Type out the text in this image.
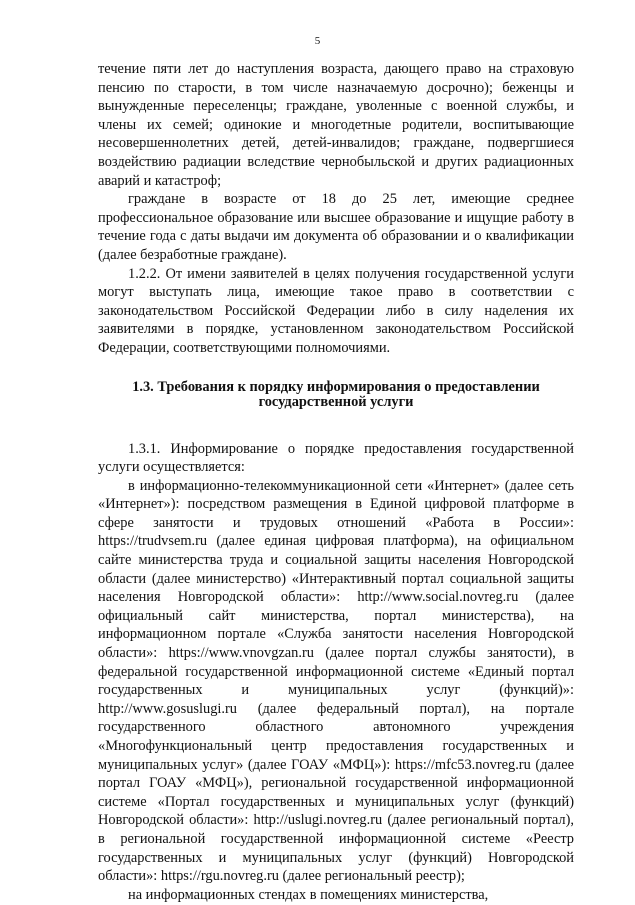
5

течение пяти лет до наступления возраста, дающего право на страховую пенсию по старости, в том числе назначаемую досрочно); беженцы и вынужденные переселенцы; граждане, уволенные с военной службы, и члены их семей; одинокие и многодетные родители, воспитывающие несовершеннолетних детей, детей-инвалидов; граждане, подвергшиеся воздействию радиации вследствие чернобыльской и других радиационных аварий и катастроф;

граждане в возрасте от 18 до 25 лет, имеющие среднее профессиональное образование или высшее образование и ищущие работу в течение года с даты выдачи им документа об образовании и о квалификации (далее безработные граждане).

1.2.2. От имени заявителей в целях получения государственной услуги могут выступать лица, имеющие такое право в соответствии с законодательством Российской Федерации либо в силу наделения их заявителями в порядке, установленном законодательством Российской Федерации, соответствующими полномочиями.

1.3. Требования к порядку информирования о предоставлении
государственной услуги

1.3.1. Информирование о порядке предоставления государственной услуги осуществляется:

в информационно-телекоммуникационной сети «Интернет» (далее сеть «Интернет»): посредством размещения в Единой цифровой платформе в сфере занятости и трудовых отношений «Работа в России»: https://trudvsem.ru (далее единая цифровая платформа), на официальном сайте министерства труда и социальной защиты населения Новгородской области (далее министерство) «Интерактивный портал социальной защиты населения Новгородской области»: http://www.social.novreg.ru (далее официальный сайт министерства, портал министерства), на информационном портале «Служба занятости населения Новгородской области»: https://www.vnovgzan.ru (далее портал службы занятости), в федеральной государственной информационной системе «Единый портал государственных и муниципальных услуг (функций)»: http://www.gosuslugi.ru (далее федеральный портал), на портале государственного областного автономного учреждения «Многофункциональный центр предоставления государственных и муниципальных услуг» (далее ГОАУ «МФЦ»): https://mfc53.novreg.ru (далее портал ГОАУ «МФЦ»), региональной государственной информационной системе «Портал государственных и муниципальных услуг (функций) Новгородской области»: http://uslugi.novreg.ru (далее региональный портал), в региональной государственной информационной системе «Реестр государственных и муниципальных услуг (функций) Новгородской области»: https://rgu.novreg.ru (далее региональный реестр);

на информационных стендах в помещениях министерства,
